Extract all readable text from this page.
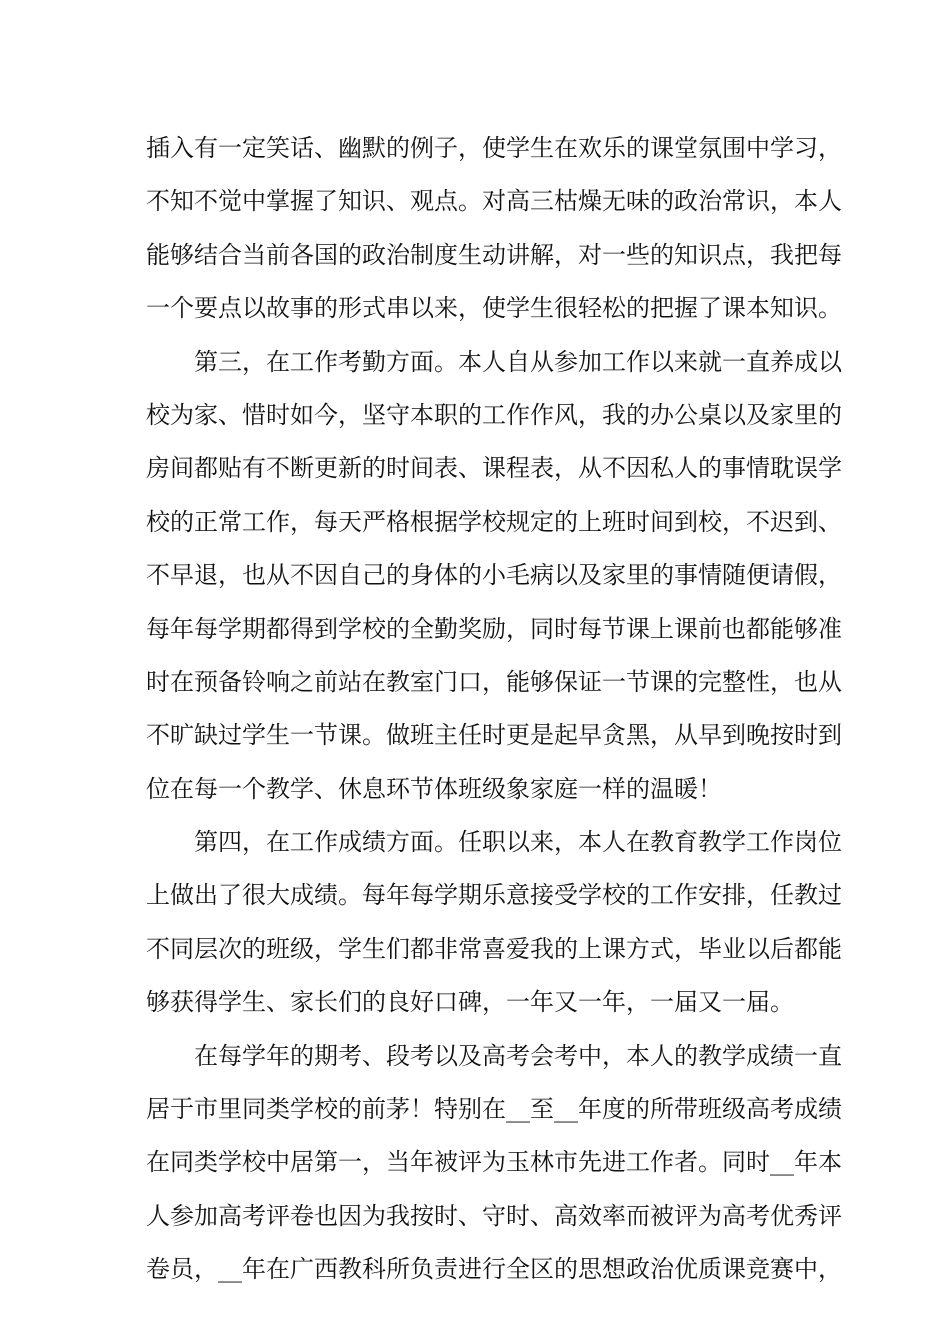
插入有一定笑话、幽默的例子，使学生在欢乐的课堂氛围中学习，
不知不觉中掌握了知识、观点。对高三枯燥无味的政治常识，本人
能够结合当前各国的政治制度生动讲解，对一些的知识点，我把每
一个要点以故事的形式串以来，使学生很轻松的把握了课本知识。
第三，在工作考勤方面。本人自从参加工作以来就一直养成以
校为家、惜时如今，坚守本职的工作作风，我的办公桌以及家里的
房间都贴有不断更新的时间表、课程表，从不因私人的事情耽误学
校的正常工作，每天严格根据学校规定的上班时间到校，不迟到、
不早退，也从不因自己的身体的小毛病以及家里的事情随便请假，
每年每学期都得到学校的全勤奖励，同时每节课上课前也都能够准
时在预备铃响之前站在教室门口，能够保证一节课的完整性，也从
不旷缺过学生一节课。做班主任时更是起早贪黑，从早到晚按时到
位在每一个教学、休息环节体班级象家庭一样的温暖！
第四，在工作成绩方面。任职以来，本人在教育教学工作岗位
上做出了很大成绩。每年每学期乐意接受学校的工作安排，任教过
不同层次的班级，学生们都非常喜爱我的上课方式，毕业以后都能
够获得学生、家长们的良好口碑，一年又一年，一届又一届。
在每学年的期考、段考以及高考会考中，本人的教学成绩一直
居于市里同类学校的前茅！特别在__至__年度的所带班级高考成绩
在同类学校中居第一，当年被评为玉林市先进工作者。同时__年本
人参加高考评卷也因为我按时、守时、高效率而被评为高考优秀评
卷员，__年在广西教科所负责进行全区的思想政治优质课竞赛中，
